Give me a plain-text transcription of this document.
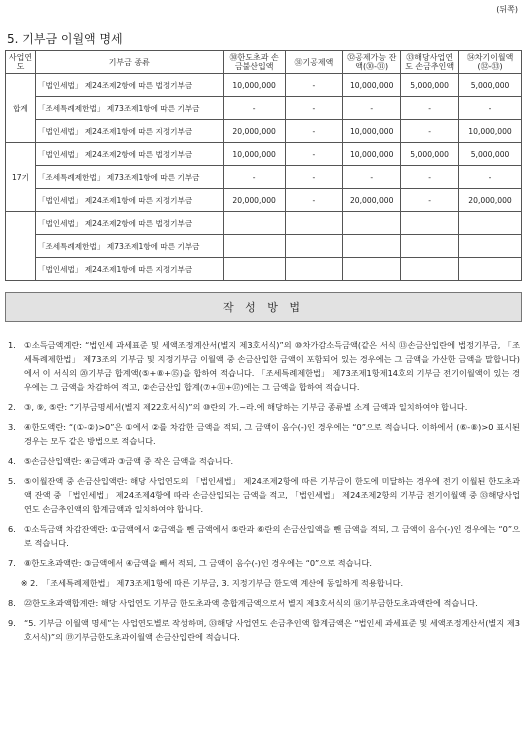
(뒤쪽)
5. 기부금 이월액 명세
사업연도	기부금 종류	㉚한도초과 손금불산입액	㉛기공제액	㉜공제가능 잔액(㉚-㉛)	㉝해당사업연도 손금추인액	㉞차기이월액 (㉜-㉝)
합계	「법인세법」 제24조제2항에 따른 법정기부금	10,000,000	-	10,000,000	5,000,000	5,000,000
	「조세특례제한법」 제73조제1항에 따른 기부금	-	-	-	-	-
	「법인세법」 제24조제1항에 따른 지정기부금	20,000,000	-	10,000,000	-	10,000,000
17기	「법인세법」 제24조제2항에 따른 법정기부금	10,000,000	-	10,000,000	5,000,000	5,000,000
	「조세특례제한법」 제73조제1항에 따른 기부금	-	-	-	-	-
	「법인세법」 제24조제1항에 따른 지정기부금	20,000,000	-	20,000,000	-	20,000,000
	「법인세법」 제24조제2항에 따른 법정기부금					
	「조세특례제한법」 제73조제1항에 따른 기부금					
	「법인세법」 제24조제1항에 따른 지정기부금					
작 성 방 법
1. ①소득금액계란: “법인세 과세표준 및 세액조정계산서(별지 제3호서식)”의 ⑩차가감소득금액(같은 서식 ⑬손금산입란에 법정기부금, 「조세특례제한법」 제73조의 기부금 및 지정기부금 이월액 중 손금산입한 금액이 포함되어 있는 경우에는 그 금액을 가산한 금액을 말합니다)에서 이 서식의 ⑳기부금 합계액(⑤+⑧+⑮)을 합하여 적습니다. 「조세특례제한법」 제73조제1항제14호의 기부금 전기이월액이 있는 경우에는 그 금액을 차감하여 적고, ②손금산입 합계(⑦+⑪+⑰)에는 그 금액을 합하여 적습니다.
2. ③, ⑨, ⑤란: “기부금명세서(별지 제22호서식)”의 ⑩란의 가.~라.에 해당하는 기부금 종류별 소계 금액과 일치하여야 합니다.
3. ④한도액란: “(①-②)>0”은 ①에서 ②를 차감한 금액을 적되, 그 금액이 음수(-)인 경우에는 “0”으로 적습니다. 이하에서 (⑥-⑧)>0 표시된 경우는 모두 같은 방법으로 적습니다.
4. ⑤손금산입액란: ④금액과 ③금액 중 작은 금액을 적습니다.
5. ⑤이월잔액 중 손금산입액란: 해당 사업연도의 「법인세법」 제24조제2항에 따른 기부금이 한도에 미달하는 경우에 전기 이월된 한도초과액 잔액 중 「법인세법」 제24조제4항에 따라 손금산입되는 금액을 적고, 「법인세법」 제24조제2항의 기부금 전기이월액 중 ㉝해당사업연도 손금추인액의 합계금액과 일치하여야 합니다.
6. ①소득금액 차감잔액란: ①금액에서 ②금액을 뺀 금액에서 ⑤란과 ⑥란의 손금산입액을 뺀 금액을 적되, 그 금액이 음수(-)인 경우에는 “0”으로 적습니다.
7. ⑧한도초과액란: ③금액에서 ④금액을 빼서 적되, 그 금액이 음수(-)인 경우에는 “0”으로 적습니다.
※ 2. 「조세특례제한법」 제73조제1항에 따른 기부금, 3. 지정기부금 한도액 계산에 동일하게 적용합니다.
8. ㉒한도초과액합계란: 해당 사업연도 기부금 한도초과액 총합계금액으로서 별지 제3호서식의 ⑱기부금한도초과액란에 적습니다.
9. “5. 기부금 이월액 명세”는 사업연도별로 작성하며, ㉝해당 사업연도 손금추인액 합계금액은 “법인세 과세표준 및 세액조정계산서(별지 제3호서식)”의 ⑲기부금한도초과이월액 손금산입란에 적습니다.
